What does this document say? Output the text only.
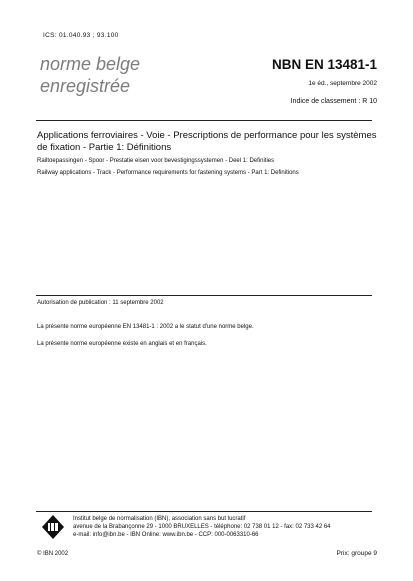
ICS: 01.040.93 ; 93.100
norme belge
enregistrée
NBN EN 13481-1
1e éd., septembre 2002
Indice de classement : R 10
Applications ferroviaires - Voie - Prescriptions de performance pour les systèmes de fixation - Partie 1: Définitions
Railtoepassingen - Spoor - Prestatie eisen voor bevestigingssystemen - Deel 1: Definities
Railway applications - Track - Performance requirements for fastening systems - Part 1: Definitions
Autorisation de publication : 11 septembre 2002
La présente norme européenne EN 13481-1 : 2002 a le statut d'une norme belge.
La présente norme européenne existe en anglais et en français.
Institut belge de normalisation (IBN), association sans but lucratif
avenue de la Brabançonne 29 - 1000 BRUXELLES - téléphone: 02 738 01 12 - fax: 02 733 42 64
e-mail: info@ibn.be - IBN Online: www.ibn.be - CCP: 000-0063310-66
© IBN 2002	Prix: groupe 9
